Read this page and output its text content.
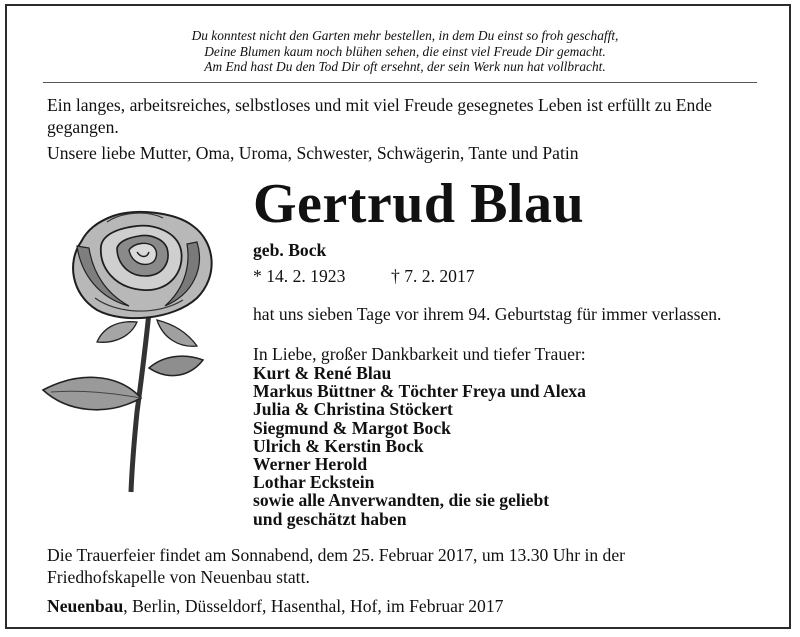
Du konntest nicht den Garten mehr bestellen, in dem Du einst so froh geschafft,
Deine Blumen kaum noch blühen sehen, die einst viel Freude Dir gemacht.
Am End hast Du den Tod Dir oft ersehnt, der sein Werk nun hat vollbracht.

Ein langes, arbeitsreiches, selbstloses und mit viel Freude gesegnetes Leben ist erfüllt zu Ende gegangen.

Unsere liebe Mutter, Oma, Uroma, Schwester, Schwägerin, Tante und Patin

Gertrud Blau
geb. Bock
* 14. 2. 1923	† 7. 2. 2017
hat uns sieben Tage vor ihrem 94. Geburtstag für immer verlassen.
In Liebe, großer Dankbarkeit und tiefer Trauer:
Kurt & René Blau
Markus Büttner & Töchter Freya und Alexa
Julia & Christina Stöckert
Siegmund & Margot Bock
Ulrich & Kerstin Bock
Werner Herold
Lothar Eckstein
sowie alle Anverwandten, die sie geliebt
und geschätzt haben
Die Trauerfeier findet am Sonnabend, dem 25. Februar 2017, um 13.30 Uhr in der Friedhofskapelle von Neuenbau statt.
Neuenbau, Berlin, Düsseldorf, Hasenthal, Hof, im Februar 2017
